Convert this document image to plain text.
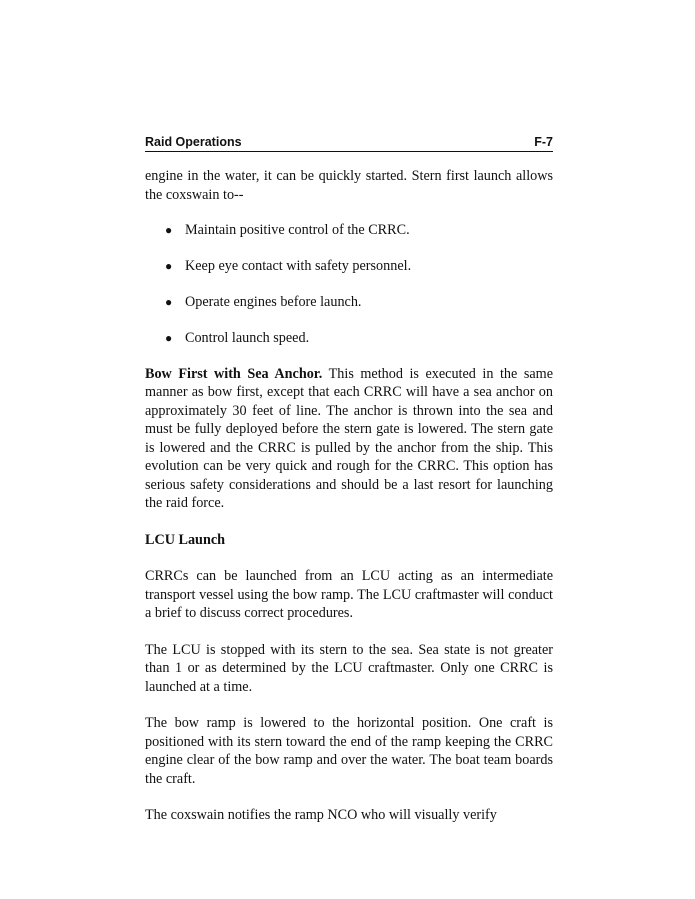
Raid Operations	F-7

engine in the water, it can be quickly started. Stern first launch allows the coxswain to--

● Maintain positive control of the CRRC.
● Keep eye contact with safety personnel.
● Operate engines before launch.
● Control launch speed.

Bow First with Sea Anchor. This method is executed in the same manner as bow first, except that each CRRC will have a sea anchor on approximately 30 feet of line. The anchor is thrown into the sea and must be fully deployed before the stern gate is lowered. The stern gate is lowered and the CRRC is pulled by the anchor from the ship. This evolution can be very quick and rough for the CRRC. This option has serious safety considerations and should be a last resort for launching the raid force.

LCU Launch

CRRCs can be launched from an LCU acting as an intermediate transport vessel using the bow ramp. The LCU craftmaster will conduct a brief to discuss correct procedures.

The LCU is stopped with its stern to the sea. Sea state is not greater than 1 or as determined by the LCU craftmaster. Only one CRRC is launched at a time.

The bow ramp is lowered to the horizontal position. One craft is positioned with its stern toward the end of the ramp keeping the CRRC engine clear of the bow ramp and over the water. The boat team boards the craft.

The coxswain notifies the ramp NCO who will visually verify
